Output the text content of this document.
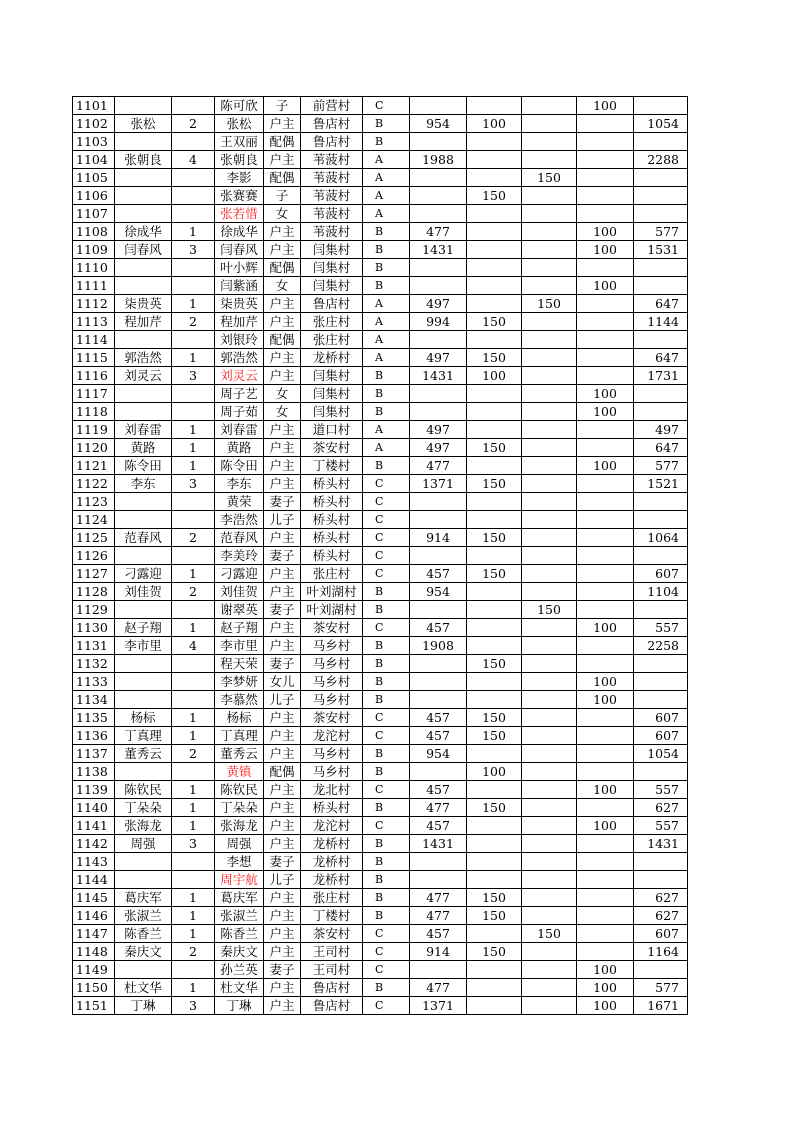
1101			陈可欣	子	前营村	C				100	
1102	张松	2	张松	户主	鲁店村	B	954	100			1054
1103			王双丽	配偶	鲁店村	B					
1104	张朝良	4	张朝良	户主	苇菠村	A	1988				2288
1105			李影	配偶	苇菠村	A			150		
1106			张赛赛	子	苇菠村	A		150			
1107			张若惜	女	苇菠村	A					
1108	徐成华	1	徐成华	户主	苇菠村	B	477			100	577
1109	闫春风	3	闫春风	户主	闫集村	B	1431			100	1531
1110			叶小辉	配偶	闫集村	B					
1111			闫紫涵	女	闫集村	B				100	
1112	柒贵英	1	柒贵英	户主	鲁店村	A	497		150		647
1113	程加芹	2	程加芹	户主	张庄村	A	994	150			1144
1114			刘银玲	配偶	张庄村	A					
1115	郭浩然	1	郭浩然	户主	龙桥村	A	497	150			647
1116	刘灵云	3	刘灵云	户主	闫集村	B	1431	100			1731
1117			周子艺	女	闫集村	B				100	
1118			周子茹	女	闫集村	B				100	
1119	刘春雷	1	刘春雷	户主	道口村	A	497				497
1120	黄路	1	黄路	户主	茶安村	A	497	150			647
1121	陈令田	1	陈令田	户主	丁楼村	B	477			100	577
1122	李东	3	李东	户主	桥头村	C	1371	150			1521
1123			黄荣	妻子	桥头村	C					
1124			李浩然	儿子	桥头村	C					
1125	范春风	2	范春风	户主	桥头村	C	914	150			1064
1126			李美玲	妻子	桥头村	C					
1127	刁露迎	1	刁露迎	户主	张庄村	C	457	150			607
1128	刘佳贺	2	刘佳贺	户主	叶刘湖村	B	954				1104
1129			谢翠英	妻子	叶刘湖村	B			150		
1130	赵子翔	1	赵子翔	户主	茶安村	C	457			100	557
1131	李市里	4	李市里	户主	马乡村	B	1908				2258
1132			程天荣	妻子	马乡村	B		150			
1133			李梦妍	女儿	马乡村	B				100	
1134			李慕然	儿子	马乡村	B				100	
1135	杨标	1	杨标	户主	茶安村	C	457	150			607
1136	丁真理	1	丁真理	户主	龙沱村	C	457	150			607
1137	董秀云	2	董秀云	户主	马乡村	B	954				1054
1138			黄镇	配偶	马乡村	B		100			
1139	陈钦民	1	陈钦民	户主	龙北村	C	457			100	557
1140	丁朵朵	1	丁朵朵	户主	桥头村	B	477	150			627
1141	张海龙	1	张海龙	户主	龙沱村	C	457			100	557
1142	周强	3	周强	户主	龙桥村	B	1431				1431
1143			李想	妻子	龙桥村	B					
1144			周宇航	儿子	龙桥村	B					
1145	葛庆军	1	葛庆军	户主	张庄村	B	477	150			627
1146	张淑兰	1	张淑兰	户主	丁楼村	B	477	150			627
1147	陈香兰	1	陈香兰	户主	茶安村	C	457		150		607
1148	秦庆文	2	秦庆文	户主	王司村	C	914	150			1164
1149			孙兰英	妻子	王司村	C				100	
1150	杜文华	1	杜文华	户主	鲁店村	B	477			100	577
1151	丁琳	3	丁琳	户主	鲁店村	C	1371			100	1671
